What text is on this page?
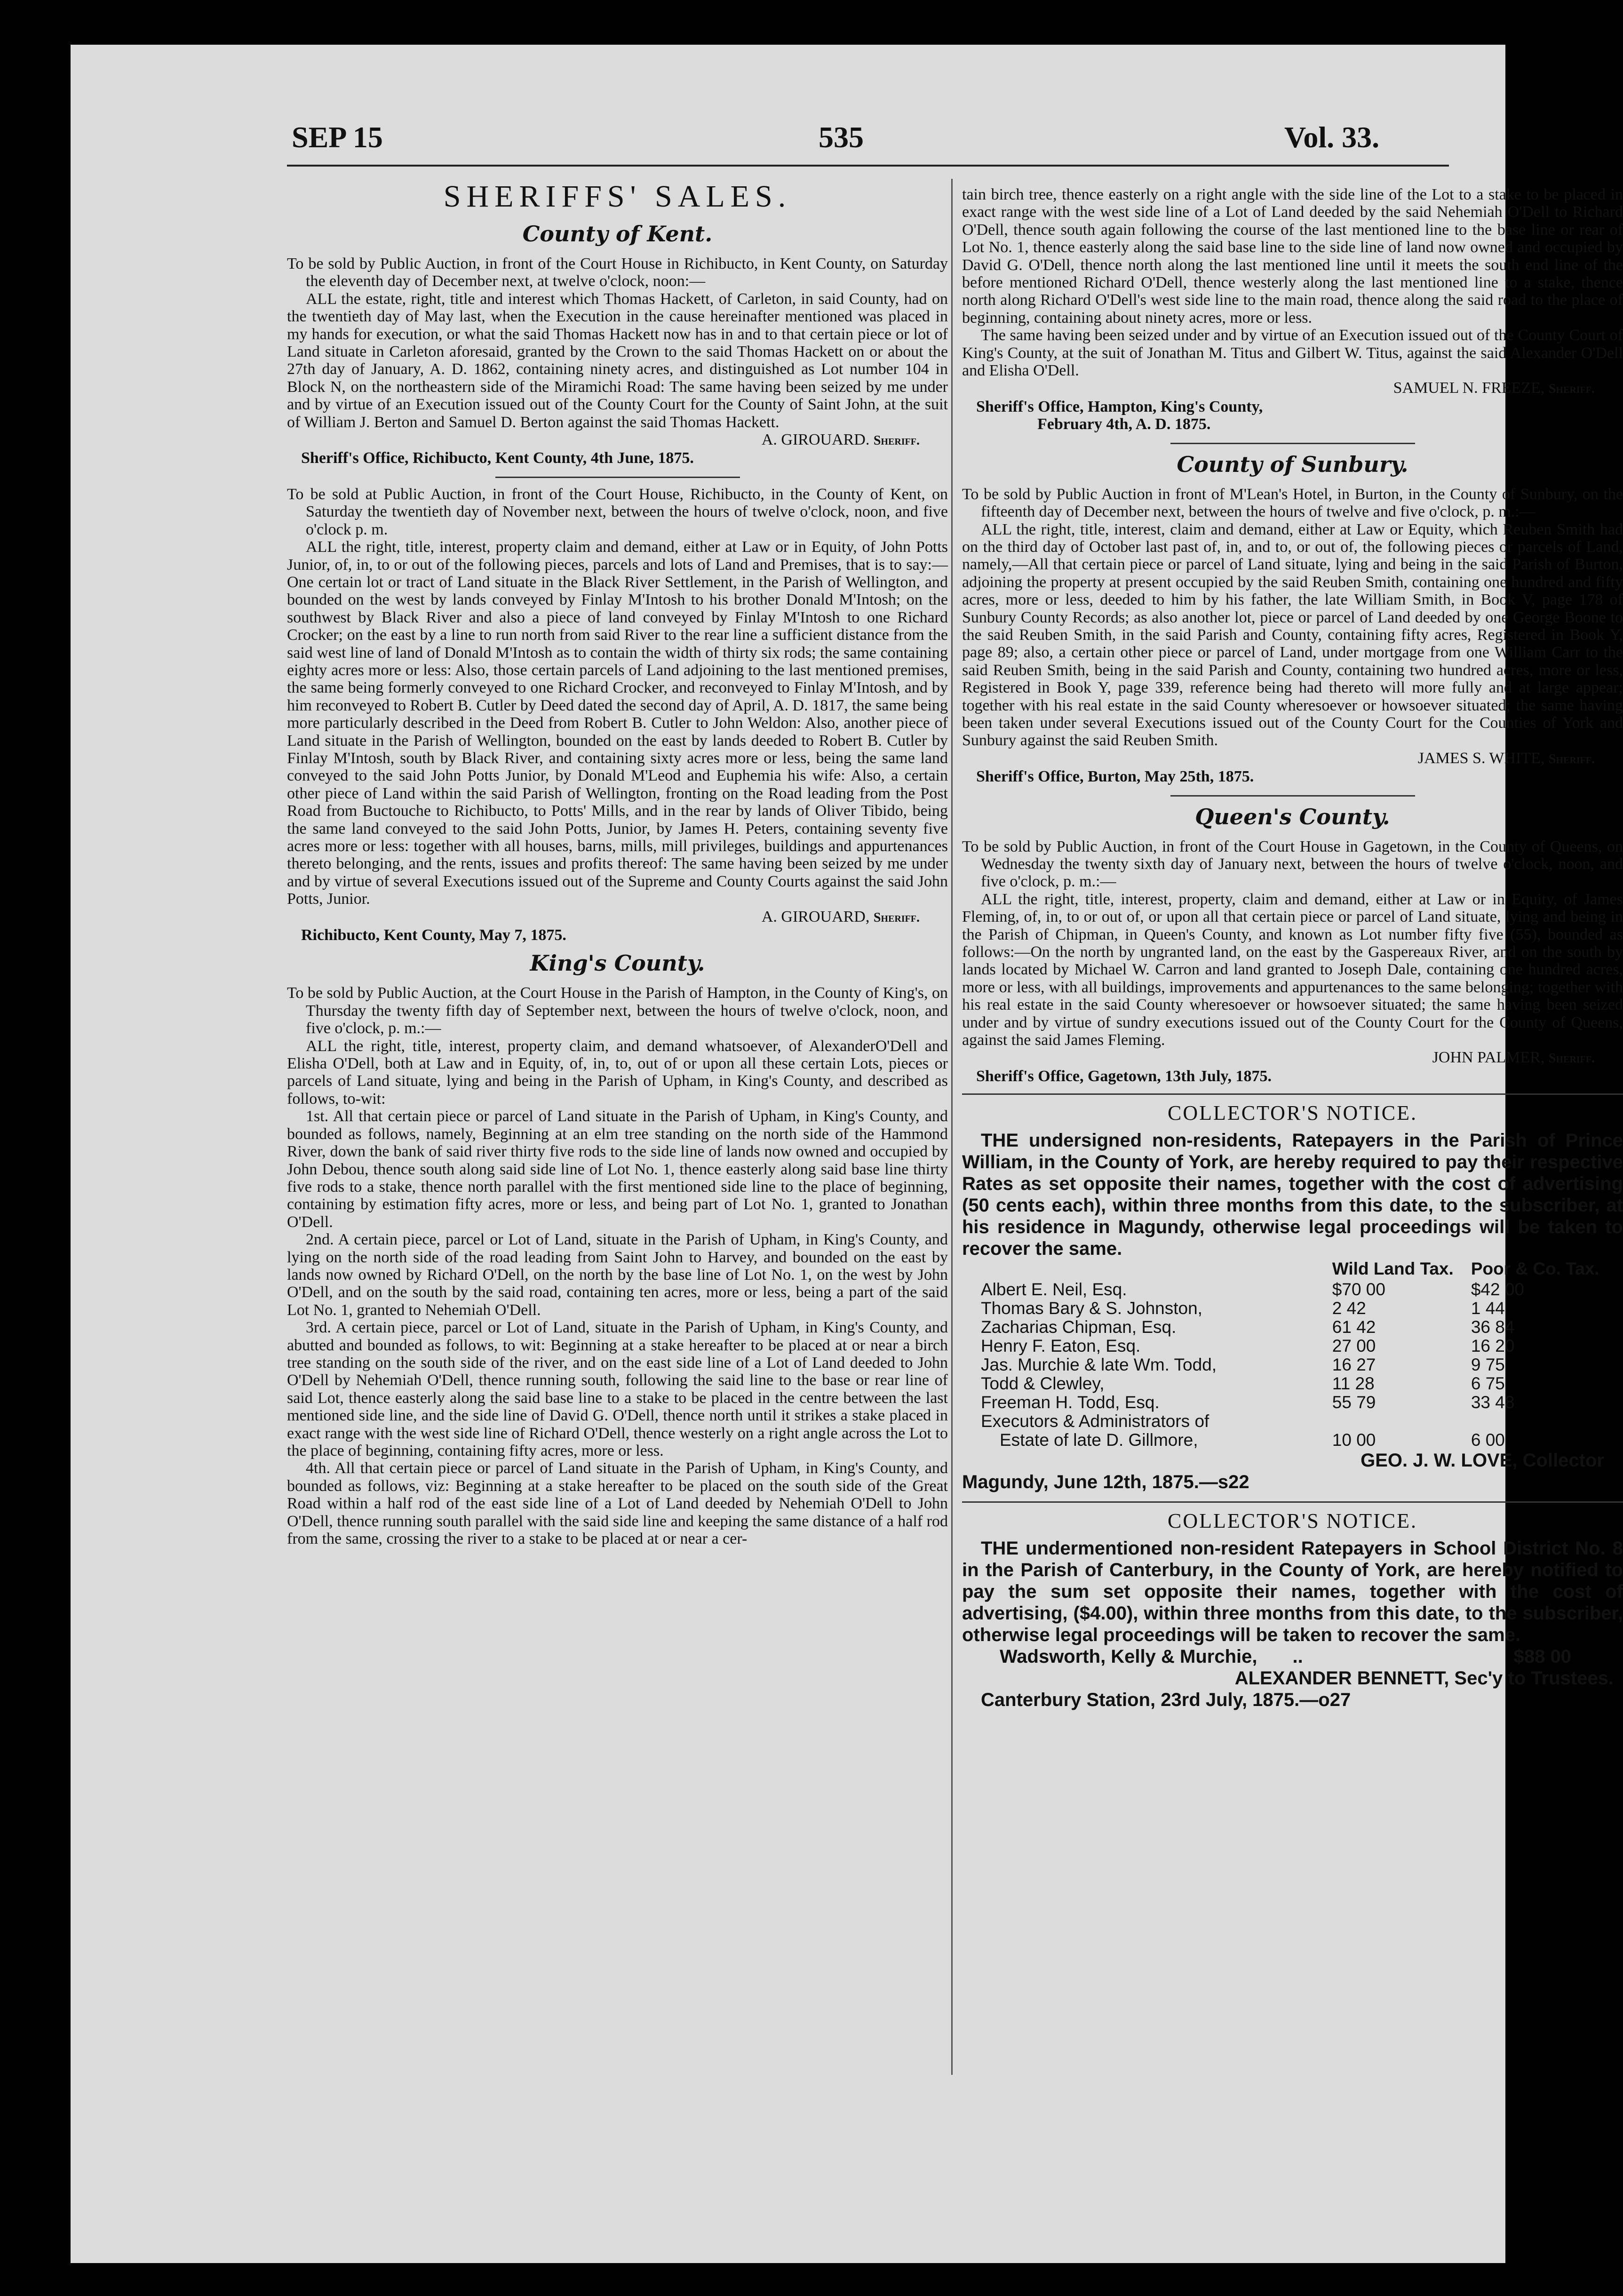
SEP 15	535	Vol. 33.
SHERIFFS' SALES.
County of Kent.

To be sold by Public Auction, in front of the Court House in Richibucto, in Kent County, on Saturday the eleventh day of December next, at twelve o'clock, noon:—

ALL the estate, right, title and interest which Thomas Hackett, of Carleton, in said County, had on the twentieth day of May last, when the Execution in the cause hereinafter mentioned was placed in my hands for execution, or what the said Thomas Hackett now has in and to that certain piece or lot of Land situate in Carleton aforesaid, granted by the Crown to the said Thomas Hackett on or about the 27th day of January, A. D. 1862, containing ninety acres, and distinguished as Lot number 104 in Block N, on the northeastern side of the Miramichi Road: The same having been seized by me under and by virtue of an Execution issued out of the County Court for the County of Saint John, at the suit of William J. Berton and Samuel D. Berton against the said Thomas Hackett.

A. GIROUARD. Sheriff.

Sheriff's Office, Richibucto, Kent County, 4th June, 1875.

To be sold at Public Auction, in front of the Court House, Richibucto, in the County of Kent, on Saturday the twentieth day of November next, between the hours of twelve o'clock, noon, and five o'clock p. m.

ALL the right, title, interest, property claim and demand, either at Law or in Equity, of John Potts Junior, of, in, to or out of the following pieces, parcels and lots of Land and Premises, that is to say:—One certain lot or tract of Land situate in the Black River Settlement, in the Parish of Wellington, and bounded on the west by lands conveyed by Finlay M'Intosh to his brother Donald M'Intosh; on the southwest by Black River and also a piece of land conveyed by Finlay M'Intosh to one Richard Crocker; on the east by a line to run north from said River to the rear line a sufficient distance from the said west line of land of Donald M'Intosh as to contain the width of thirty six rods; the same containing eighty acres more or less: Also, those certain parcels of Land adjoining to the last mentioned premises, the same being formerly conveyed to one Richard Crocker, and reconveyed to Finlay M'Intosh, and by him reconveyed to Robert B. Cutler by Deed dated the second day of April, A. D. 1817, the same being more particularly described in the Deed from Robert B. Cutler to John Weldon: Also, another piece of Land situate in the Parish of Wellington, bounded on the east by lands deeded to Robert B. Cutler by Finlay M'Intosh, south by Black River, and containing sixty acres more or less, being the same land conveyed to the said John Potts Junior, by Donald M'Leod and Euphemia his wife: Also, a certain other piece of Land within the said Parish of Wellington, fronting on the Road leading from the Post Road from Buctouche to Richibucto, to Potts' Mills, and in the rear by lands of Oliver Tibido, being the same land conveyed to the said John Potts, Junior, by James H. Peters, containing seventy five acres more or less: together with all houses, barns, mills, mill privileges, buildings and appurtenances thereto belonging, and the rents, issues and profits thereof: The same having been seized by me under and by virtue of several Executions issued out of the Supreme and County Courts against the said John Potts, Junior.

A. GIROUARD, Sheriff.

Richibucto, Kent County, May 7, 1875.

King's County.

To be sold by Public Auction, at the Court House in the Parish of Hampton, in the County of King's, on Thursday the twenty fifth day of September next, between the hours of twelve o'clock, noon, and five o'clock, p. m.:—

ALL the right, title, interest, property claim, and demand whatsoever, of AlexanderO'Dell and Elisha O'Dell, both at Law and in Equity, of, in, to, out of or upon all these certain Lots, pieces or parcels of Land situate, lying and being in the Parish of Upham, in King's County, and described as follows, to-wit:

1st. All that certain piece or parcel of Land situate in the Parish of Upham, in King's County, and bounded as follows, namely, Beginning at an elm tree standing on the north side of the Hammond River, down the bank of said river thirty five rods to the side line of lands now owned and occupied by John Debou, thence south along said side line of Lot No. 1, thence easterly along said base line thirty five rods to a stake, thence north parallel with the first mentioned side line to the place of beginning, containing by estimation fifty acres, more or less, and being part of Lot No. 1, granted to Jonathan O'Dell.

2nd. A certain piece, parcel or Lot of Land, situate in the Parish of Upham, in King's County, and lying on the north side of the road leading from Saint John to Harvey, and bounded on the east by lands now owned by Richard O'Dell, on the north by the base line of Lot No. 1, on the west by John O'Dell, and on the south by the said road, containing ten acres, more or less, being a part of the said Lot No. 1, granted to Nehemiah O'Dell.

3rd. A certain piece, parcel or Lot of Land, situate in the Parish of Upham, in King's County, and abutted and bounded as follows, to wit: Beginning at a stake hereafter to be placed at or near a birch tree standing on the south side of the river, and on the east side line of a Lot of Land deeded to John O'Dell by Nehemiah O'Dell, thence running south, following the said line to the base or rear line of said Lot, thence easterly along the said base line to a stake to be placed in the centre between the last mentioned side line, and the side line of David G. O'Dell, thence north until it strikes a stake placed in exact range with the west side line of Richard O'Dell, thence westerly on a right angle across the Lot to the place of beginning, containing fifty acres, more or less.

4th. All that certain piece or parcel of Land situate in the Parish of Upham, in King's County, and bounded as follows, viz: Beginning at a stake hereafter to be placed on the south side of the Great Road within a half rod of the east side line of a Lot of Land deeded by Nehemiah O'Dell to John O'Dell, thence running south parallel with the said side line and keeping the same distance of a half rod from the same, crossing the river to a stake to be placed at or near a cer-

tain birch tree, thence easterly on a right angle with the side line of the Lot to a stake to be placed in exact range with the west side line of a Lot of Land deeded by the said Nehemiah O'Dell to Richard O'Dell, thence south again following the course of the last mentioned line to the base line or rear of Lot No. 1, thence easterly along the said base line to the side line of land now owned and occupied by David G. O'Dell, thence north along the last mentioned line until it meets the south end line of the before mentioned Richard O'Dell, thence westerly along the last mentioned line to a stake, thence north along Richard O'Dell's west side line to the main road, thence along the said road to the place of beginning, containing about ninety acres, more or less.

The same having been seized under and by virtue of an Execution issued out of the County Court of King's County, at the suit of Jonathan M. Titus and Gilbert W. Titus, against the said Alexander O'Dell and Elisha O'Dell.

SAMUEL N. FREEZE, Sheriff.

Sheriff's Office, Hampton, King's County,

February 4th, A. D. 1875.

County of Sunbury.

To be sold by Public Auction in front of M'Lean's Hotel, in Burton, in the County of Sunbury, on the fifteenth day of December next, between the hours of twelve and five o'clock, p. m.:—

ALL the right, title, interest, claim and demand, either at Law or Equity, which Reuben Smith had on the third day of October last past of, in, and to, or out of, the following pieces or parcels of Land, namely,—All that certain piece or parcel of Land situate, lying and being in the said Parish of Burton, adjoining the property at present occupied by the said Reuben Smith, containing one hundred and fifty acres, more or less, deeded to him by his father, the late William Smith, in Book V, page 178 of Sunbury County Records; as also another lot, piece or parcel of Land deeded by one George Boone to the said Reuben Smith, in the said Parish and County, containing fifty acres, Registered in Book Y, page 89; also, a certain other piece or parcel of Land, under mortgage from one William Carr to the said Reuben Smith, being in the said Parish and County, containing two hundred acres, more or less, Registered in Book Y, page 339, reference being had thereto will more fully and at large appear; together with his real estate in the said County wheresoever or howsoever situated; the same having been taken under several Executions issued out of the County Court for the Counties of York and Sunbury against the said Reuben Smith.

JAMES S. WHITE, Sheriff.

Sheriff's Office, Burton, May 25th, 1875.

Queen's County.

To be sold by Public Auction, in front of the Court House in Gagetown, in the County of Queens, on Wednesday the twenty sixth day of January next, between the hours of twelve o'clock, noon, and five o'clock, p. m.:—

ALL the right, title, interest, property, claim and demand, either at Law or in Equity, of James Fleming, of, in, to or out of, or upon all that certain piece or parcel of Land situate, lying and being in the Parish of Chipman, in Queen's County, and known as Lot number fifty five (55), bounded as follows:—On the north by ungranted land, on the east by the Gaspereaux River, and on the south by lands located by Michael W. Carron and land granted to Joseph Dale, containing one hundred acres, more or less, with all buildings, improvements and appurtenances to the same belonging; together with his real estate in the said County wheresoever or howsoever situated; the same having been seized under and by virtue of sundry executions issued out of the County Court for the County of Queens, against the said James Fleming.

JOHN PALMER, Sheriff.

Sheriff's Office, Gagetown, 13th July, 1875.

COLLECTOR'S NOTICE.

THE undersigned non-residents, Ratepayers in the Parish of Prince William, in the County of York, are hereby required to pay their respective Rates as set opposite their names, together with the cost of advertising (50 cents each), within three months from this date, to the subscriber, at his residence in Magundy, otherwise legal proceedings will be taken to recover the same.

	Wild Land Tax.	Poor & Co. Tax.
Albert E. Neil, Esq.	$70 00	$42 00
Thomas Bary & S. Johnston,	2 42	1 44
Zacharias Chipman, Esq.	61 42	36 84
Henry F. Eaton, Esq.	27 00	16 20
Jas. Murchie & late Wm. Todd,	16 27	9 75
Todd & Clewley,	11 28	6 75
Freeman H. Todd, Esq.	55 79	33 48
Executors & Administrators of		
Estate of late D. Gillmore,	10 00	6 00

GEO. J. W. LOVE, Collector

Magundy, June 12th, 1875.—s22

COLLECTOR'S NOTICE.

THE undermentioned non-resident Ratepayers in School District No. 8 in the Parish of Canterbury, in the County of York, are hereby notified to pay the sum set opposite their names, together with the cost of advertising, ($4.00), within three months from this date, to the subscriber, otherwise legal proceedings will be taken to recover the same.

Wadsworth, Kelly & Murchie, ..	$88 00

ALEXANDER BENNETT, Sec'y to Trustees.

Canterbury Station, 23rd July, 1875.—o27
